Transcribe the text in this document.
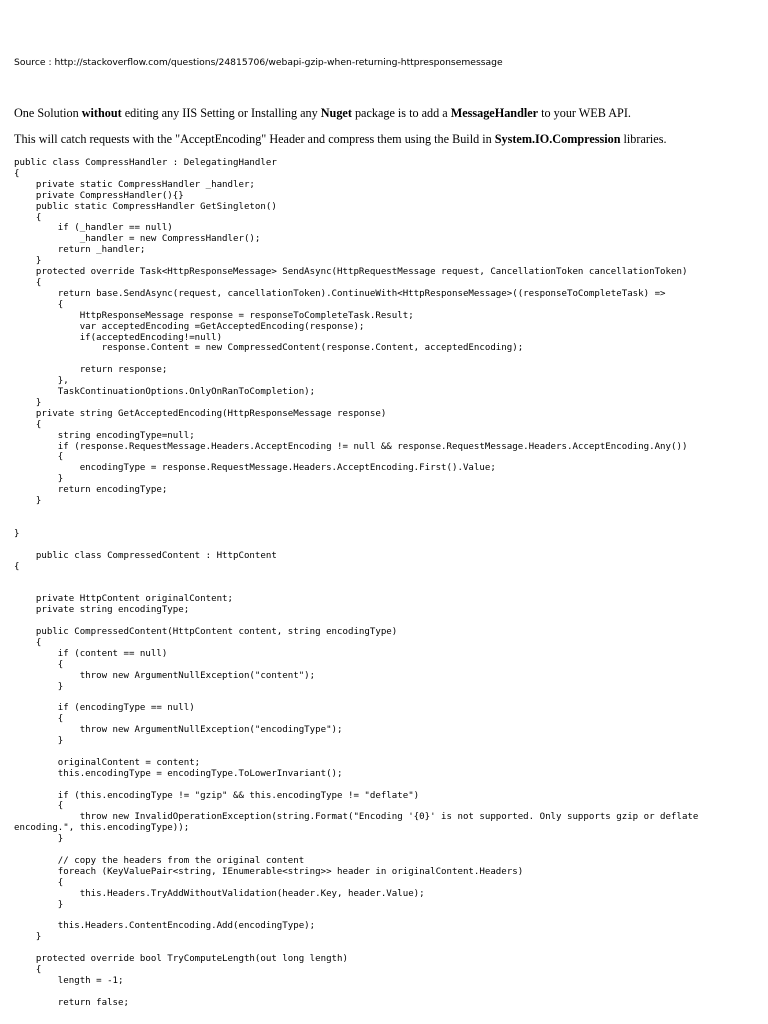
Source : http://stackoverflow.com/questions/24815706/webapi-gzip-when-returning-httpresponsemessage
One Solution without editing any IIS Setting or Installing any Nuget package is to add a MessageHandler to your WEB API.
This will catch requests with the "AcceptEncoding" Header and compress them using the Build in System.IO.Compression libraries.
public class CompressHandler : DelegatingHandler
{
private static CompressHandler _handler;
private CompressHandler(){}
public static CompressHandler GetSingleton()
{
if (_handler == null)
_handler = new CompressHandler();
return _handler;
}
protected override Task<HttpResponseMessage> SendAsync(HttpRequestMessage request, CancellationToken cancellationToken)
{
return base.SendAsync(request, cancellationToken).ContinueWith<HttpResponseMessage>((responseToCompleteTask) =>
{
HttpResponseMessage response = responseToCompleteTask.Result;
var acceptedEncoding =GetAcceptedEncoding(response);
if(acceptedEncoding!=null)
response.Content = new CompressedContent(response.Content, acceptedEncoding);

return response;
},
TaskContinuationOptions.OnlyOnRanToCompletion);
}
private string GetAcceptedEncoding(HttpResponseMessage response)
{
string encodingType=null;
if (response.RequestMessage.Headers.AcceptEncoding != null && response.RequestMessage.Headers.AcceptEncoding.Any())
{
encodingType = response.RequestMessage.Headers.AcceptEncoding.First().Value;
}
return encodingType;
}

}

public class CompressedContent : HttpContent
{

private HttpContent originalContent;
private string encodingType;

public CompressedContent(HttpContent content, string encodingType)
{
if (content == null)
{
throw new ArgumentNullException("content");
}

if (encodingType == null)
{
throw new ArgumentNullException("encodingType");
}

originalContent = content;
this.encodingType = encodingType.ToLowerInvariant();

if (this.encodingType != "gzip" && this.encodingType != "deflate")
{
throw new InvalidOperationException(string.Format("Encoding '{0}' is not supported. Only supports gzip or deflate
encoding.", this.encodingType));
}

// copy the headers from the original content
foreach (KeyValuePair<string, IEnumerable<string>> header in originalContent.Headers)
{
this.Headers.TryAddWithoutValidation(header.Key, header.Value);
}

this.Headers.ContentEncoding.Add(encodingType);
}

protected override bool TryComputeLength(out long length)
{
length = -1;

return false;
